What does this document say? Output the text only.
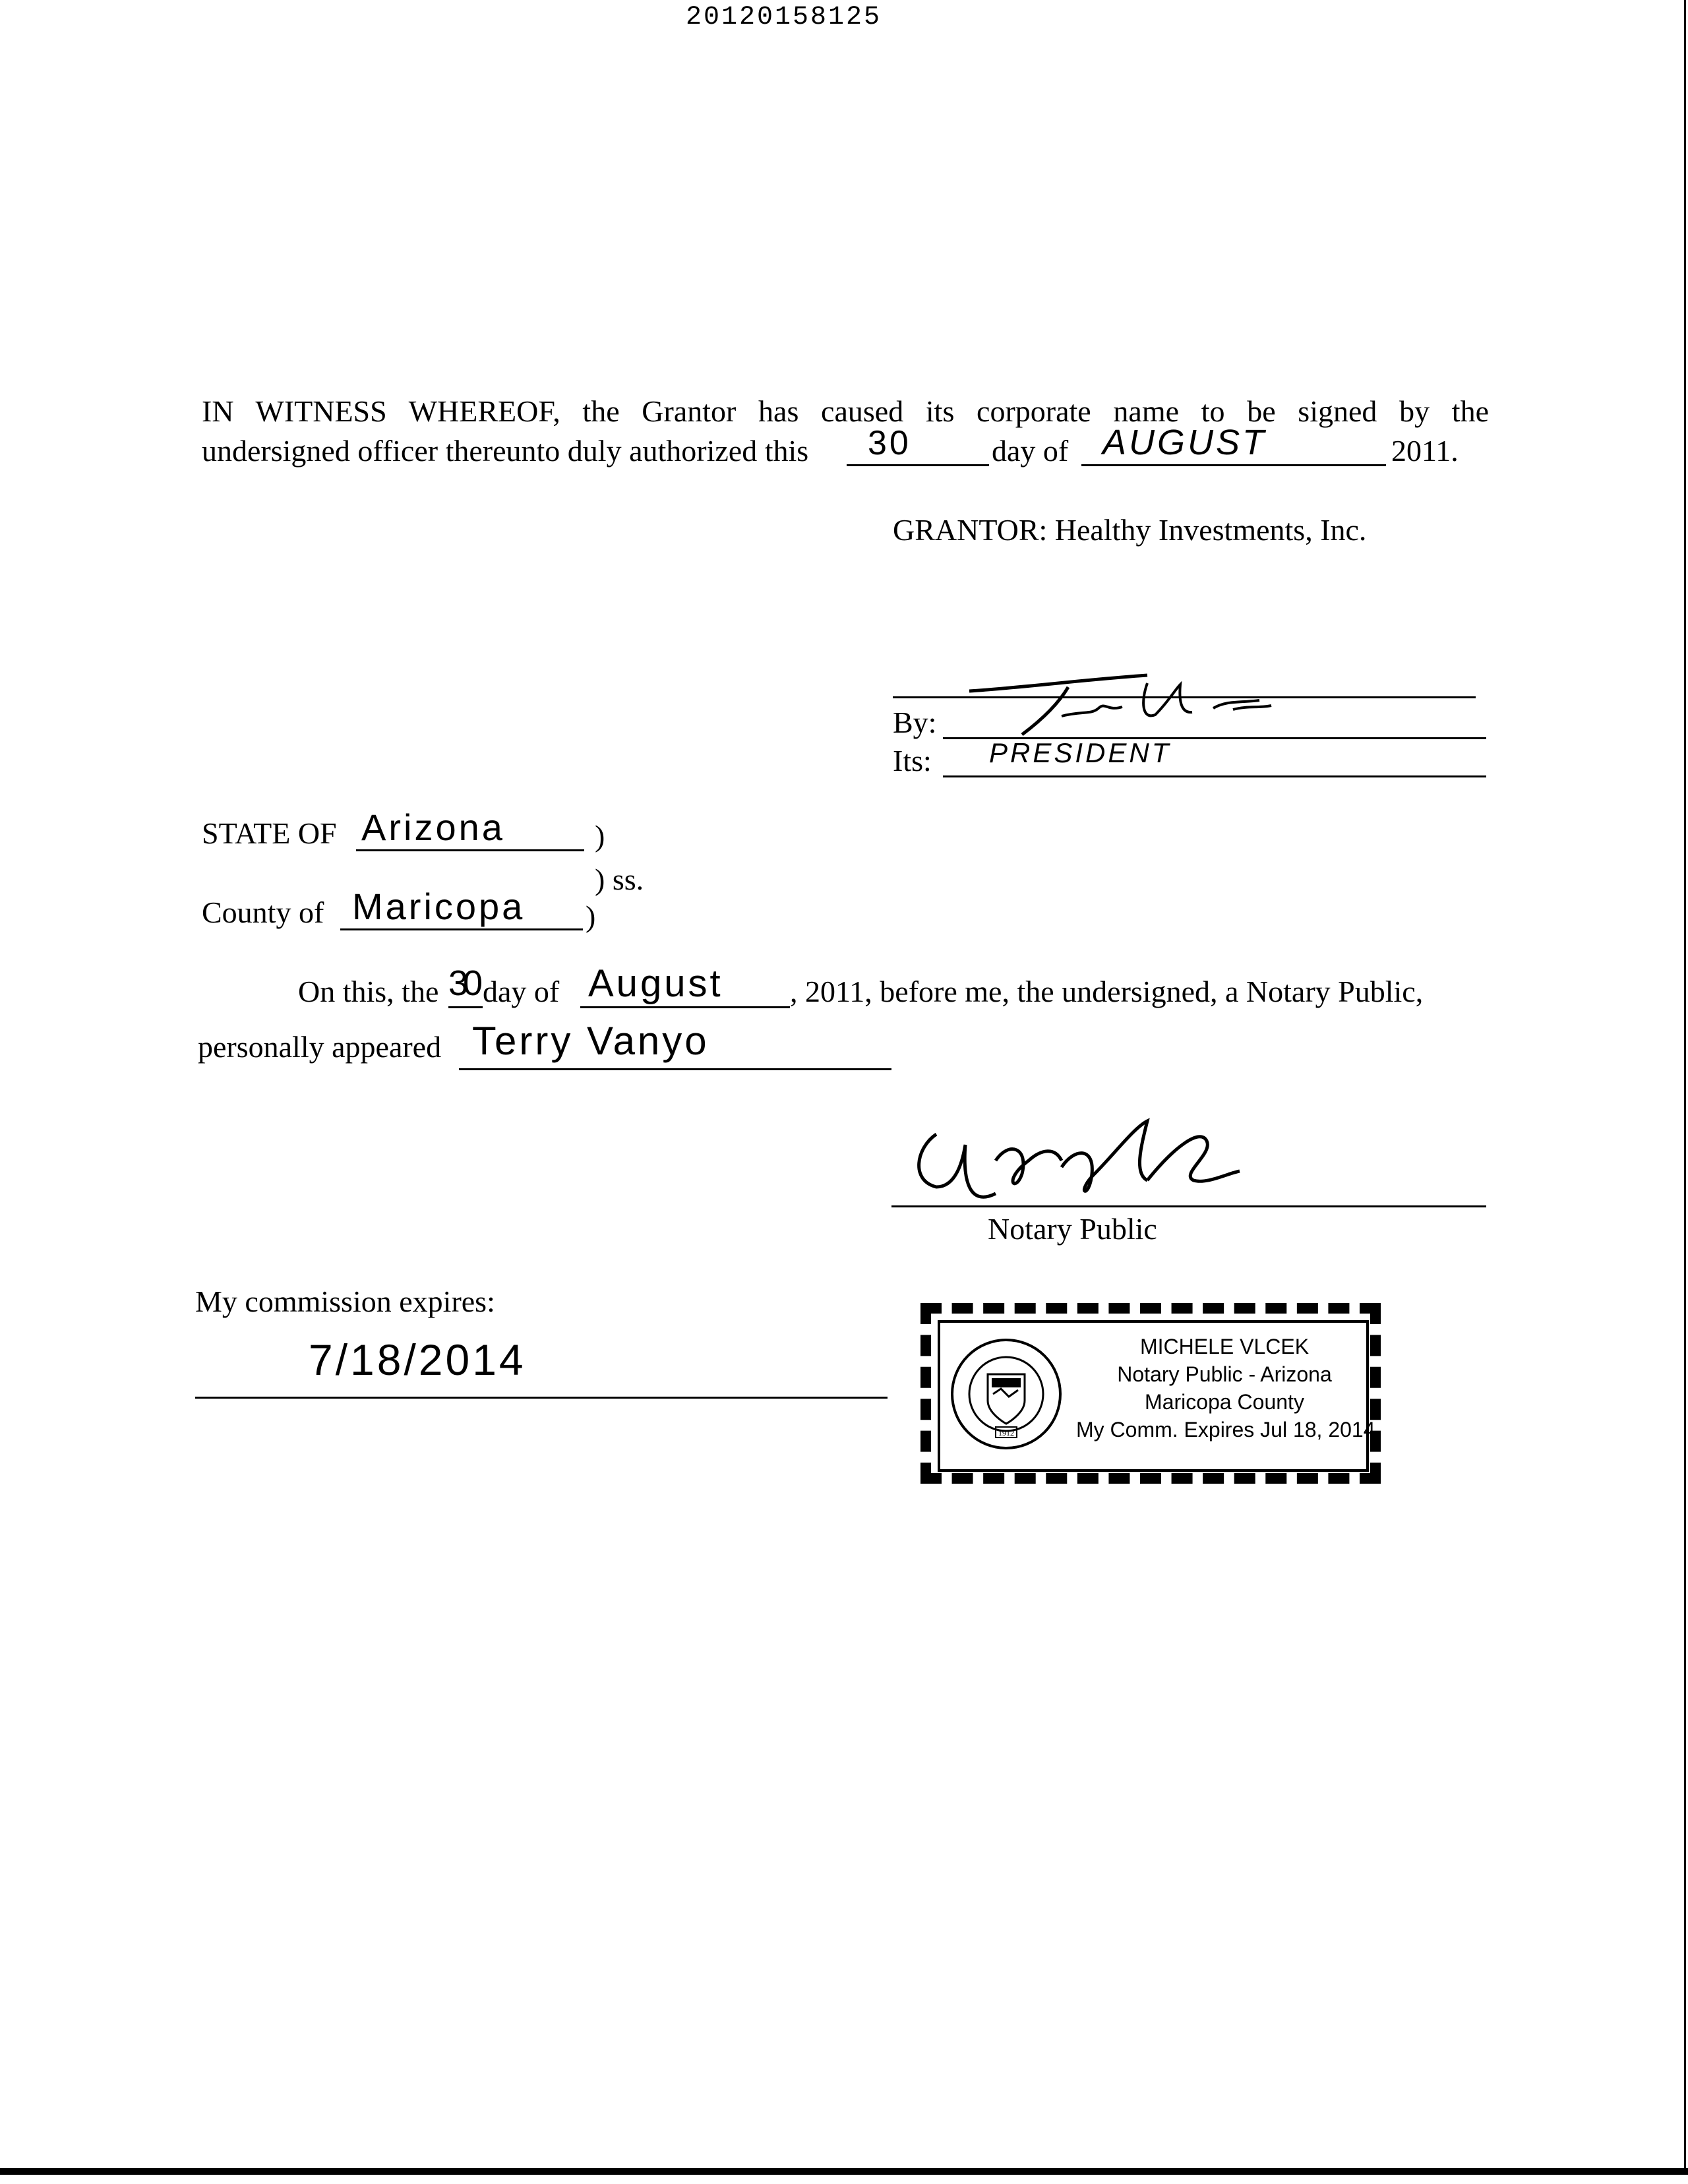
20120158125
IN WITNESS WHEREOF, the Grantor has caused its corporate name to be signed by the
undersigned officer thereunto duly authorized this 30	day of AUGUST	2011.
GRANTOR: Healthy Investments, Inc.
By:
Its: PRESIDENT
STATE OF Arizona	)
) ss.
County of Maricopa )
On this, the 30 day of August , 2011, before me, the undersigned, a Notary Public,
personally appeared Terry Vanyo
Notary Public
My commission expires:
7/18/2014
1912
MICHELE VLCEK
Notary Public - Arizona
Maricopa County
My Comm. Expires Jul 18, 2014
